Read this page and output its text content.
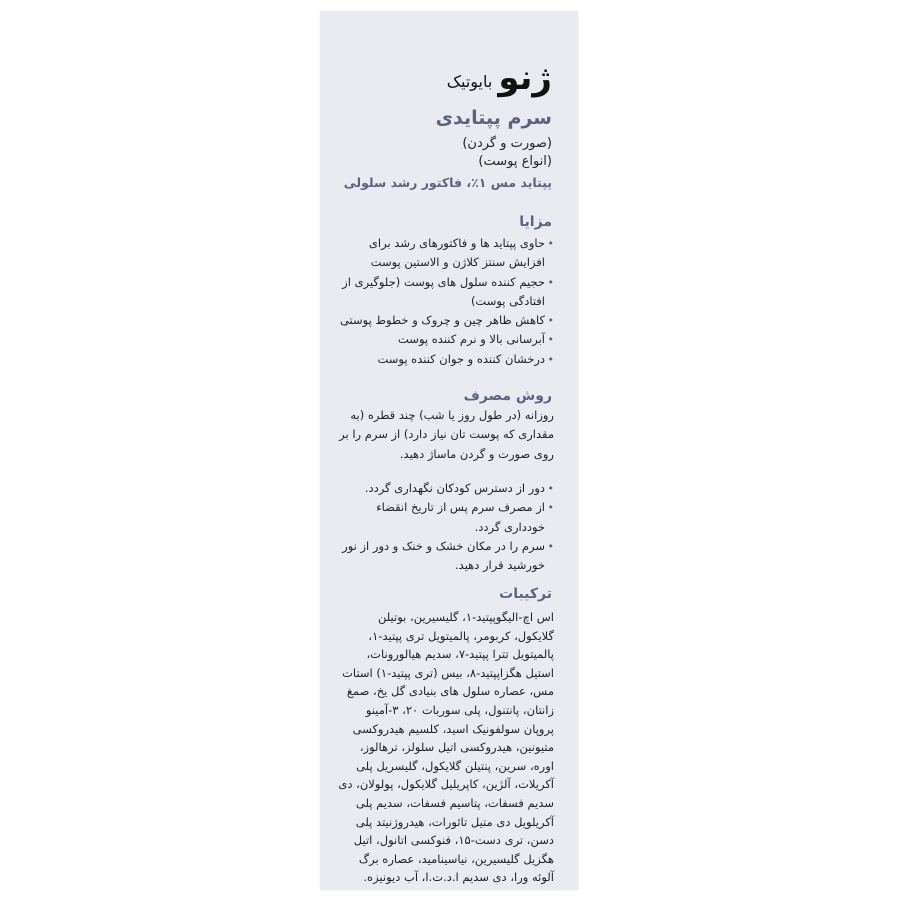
ژنو
بایوتیک
سرم پپتایدی
(صورت و گردن)
(انواع پوست)
پپتاید مس ۱٪، فاکتور رشد سلولی
مزایا
•
حاوی پپتاید ها و فاکتورهای رشد برای افزایش سنتز کلاژن و الاستین پوست
•
حجیم کننده سلول های پوست (جلوگیری از افتادگی پوست)
•
کاهش ظاهر چین و چروک و خطوط پوستی
•
آبرسانی بالا و نرم کننده پوست
•
درخشان کننده و جوان کننده پوست
روش مصرف

روزانه (در طول روز یا شب) چند قطره (به مقداری که پوست تان نیاز دارد) از سرم را بر روی صورت و گردن ماساژ دهید.

•
دور از دسترس کودکان نگهداری گردد.
•
از مصرف سرم پس از تاریخ انقضاء خودداری گردد.
•
سرم را در مکان خشک و خنک و دور از نور خورشید قرار دهید.
ترکیبات

اس اچ-الیگوپپتید-۱، گلیسیرین، بوتیلن گلایکول، کربومر، پالمیتویل تری پپتید-۱، پالمیتویل تترا پپتید-۷، سدیم هیالورونات، استیل هگزاپپتید-۸، بیس (تری پپتید-۱) استات مس، عصاره سلول های بنیادی گل یخ، صمغ زانتان، پانتنول، پلی سوربات ۲۰، ۳-آمینو پروپان سولفونیک اسید، کلسیم هیدروکسی متیونین، هیدروکسی اتیل سلولز، ترهالوز، اوره، سرین، پنتیلن گلایکول، گلیسریل پلی آکریلات، آلژین، کاپریلیل گلایکول، پولولان، دی سدیم فسفات، پتاسیم فسفات، سدیم پلی آکریلویل دی متیل تائورات، هیدروژنیتد پلی دسن، تری دست-۱۵، فنوکسی اتانول، اتیل هگزیل گلیسیرین، نیاسینامید، عصاره برگ آلوئه ورا، دی سدیم ا.د.ت.ا، آب دیونیزه.
